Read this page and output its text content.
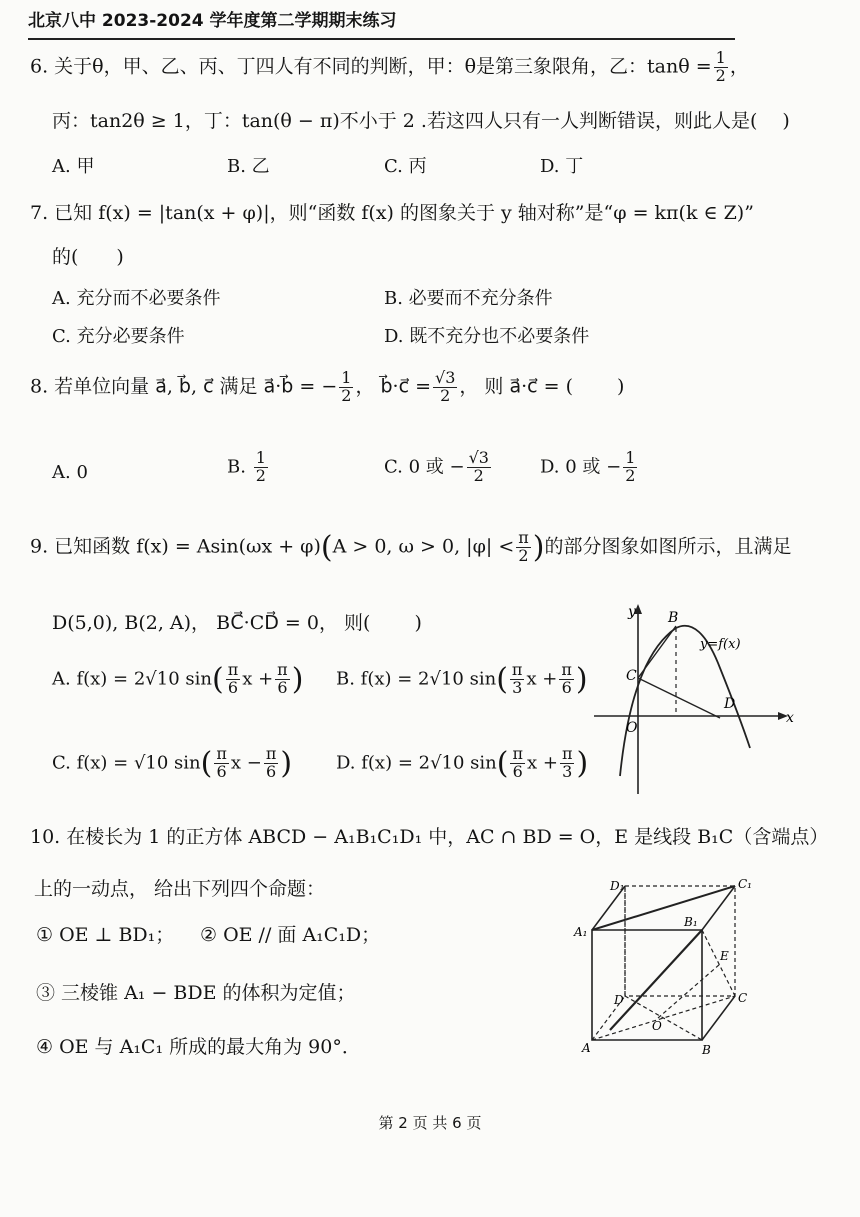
北京八中 2023-2024 学年度第二学期期末练习
6. 关于θ，甲、乙、丙、丁四人有不同的判断，甲：θ是第三象限角，乙：$\tan\theta = \frac{1}{2}$ ，
丙：tan2θ ≥ 1，丁：tan(θ − π)不小于 2 .若这四人只有一人判断错误，则此人是(　 )
A. 甲	B. 乙	C. 丙	D. 丁
7. 已知 f(x) = |tan(x + φ)|，则“函数 f(x) 的图象关于 y 轴对称”是“φ = kπ(k ∈ Z)”
的(　　)
A. 充分而不必要条件	B. 必要而不充分条件
C. 充分必要条件	D. 既不充分也不必要条件
8. 若单位向量 a⃗, b⃗, c⃗ 满足 a⃗·b⃗ = − $\frac{1}{2}$ ， b⃗·c⃗ = $\frac{√3}{2}$ ， 则 a⃗·c⃗ = (　　 )
A. 0	B. $\frac{1}{2}$	C. 0 或 − $\frac{√3}{2}$	D. 0 或 − $\frac{1}{2}$
9. 已知函数 f(x) = Asin(ωx + φ)(A > 0, ω > 0, $|\varphi| < \frac{\pi}{2}$ )的部分图象如图所示，且满足
D(5,0), B(2, A)， BC⃗·CD⃗ = 0， 则(　　 )
A. f(x) = 2√10 $\sin( \frac{\pi}{6}$ $x + \frac{\pi}{6}$ ) B. f(x) = 2√10 $\sin( \frac{\pi}{3}$ $x + \frac{\pi}{6}$ )
C. f(x) = √10 $\sin( \frac{\pi}{6}$ $x - \frac{\pi}{6}$ ) D. f(x) = 2√10 $\sin( \frac{\pi}{6}$ $x + \frac{\pi}{3}$ )
y
x
B
C
D
O
y=f(x)
10. 在棱长为 1 的正方体 ABCD − A₁B₁C₁D₁ 中，AC ∩ BD = O，E 是线段 B₁C（含端点）
上的一动点， 给出下列四个命题：
① OE ⊥ BD₁； ② OE // 面 A₁C₁D；
③ 三棱锥 A₁ − BDE 的体积为定值；
④ OE 与 A₁C₁ 所成的最大角为 90°．
D₁	C₁
A₁
B₁
E
D	C
O
A	B
第 2 页 共 6 页
